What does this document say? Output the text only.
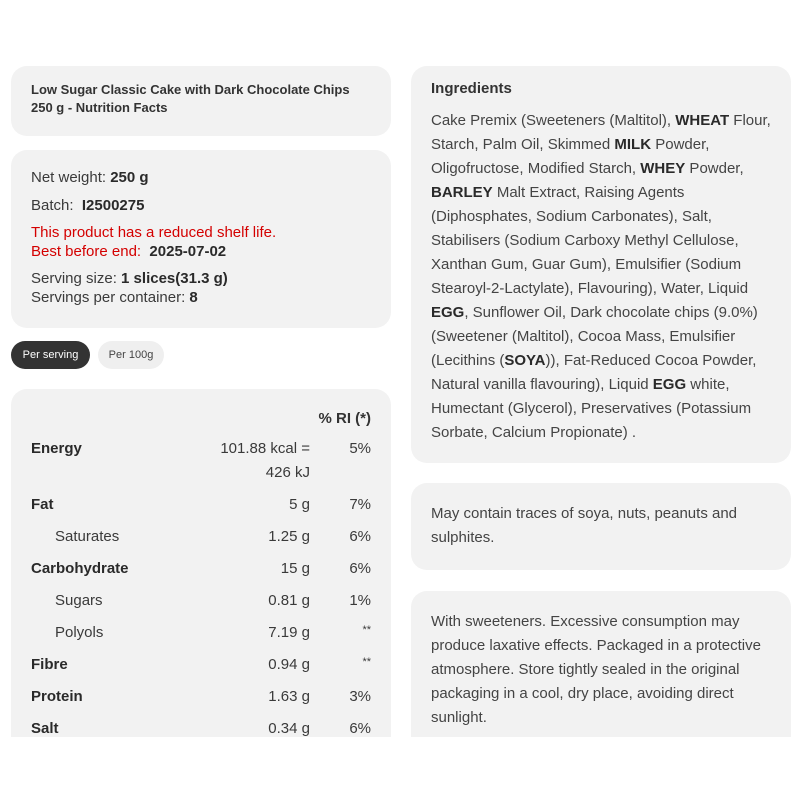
Low Sugar Classic Cake with Dark Chocolate Chips 250 g - Nutrition Facts
Net weight: 250 g
Batch: I2500275
This product has a reduced shelf life.
Best before end: 2025-07-02
Serving size: 1 slices(31.3 g)
Servings per container: 8
Per serving	Per 100g
% RI (*)
Energy	101.88 kcal =	5%
426 kJ
Fat	5 g	7%
Saturates	1.25 g	6%
Carbohydrate	15 g	6%
Sugars	0.81 g	1%
Polyols	7.19 g	**
Fibre	0.94 g	**
Protein	1.63 g	3%
Salt	0.34 g	6%
Ingredients
Cake Premix (Sweeteners (Maltitol), WHEAT Flour, Starch, Palm Oil, Skimmed MILK Powder, Oligofructose, Modified Starch, WHEY Powder, BARLEY Malt Extract, Raising Agents (Diphosphates, Sodium Carbonates), Salt, Stabilisers (Sodium Carboxy Methyl Cellulose, Xanthan Gum, Guar Gum), Emulsifier (Sodium Stearoyl-2-Lactylate), Flavouring), Water, Liquid EGG, Sunflower Oil, Dark chocolate chips (9.0%) (Sweetener (Maltitol), Cocoa Mass, Emulsifier (Lecithins (SOYA)), Fat-Reduced Cocoa Powder, Natural vanilla flavouring), Liquid EGG white, Humectant (Glycerol), Preservatives (Potassium Sorbate, Calcium Propionate) .
May contain traces of soya, nuts, peanuts and sulphites.
With sweeteners. Excessive consumption may produce laxative effects. Packaged in a protective atmosphere. Store tightly sealed in the original packaging in a cool, dry place, avoiding direct sunlight.
